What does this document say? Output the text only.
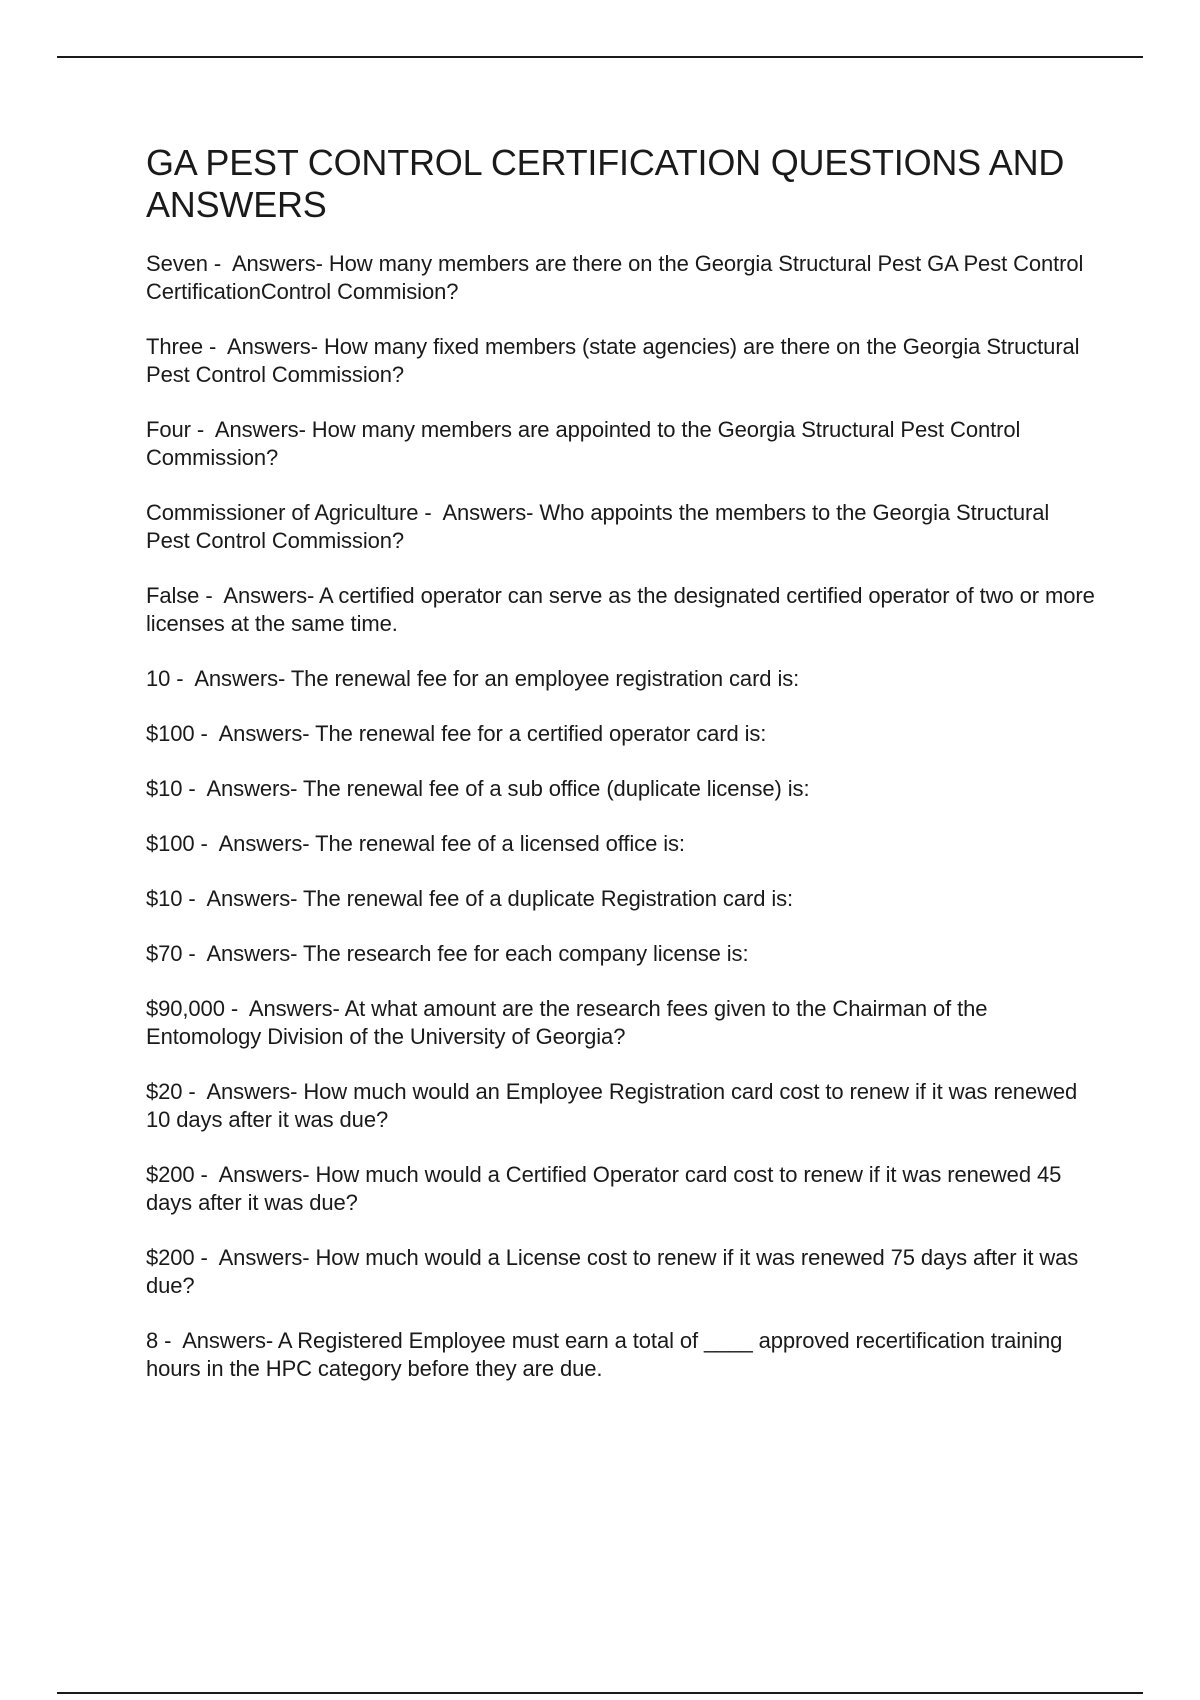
GA PEST CONTROL CERTIFICATION QUESTIONS AND ANSWERS

Seven -  Answers- How many members are there on the Georgia Structural Pest GA Pest Control CertificationControl Commision?

Three -  Answers- How many fixed members (state agencies) are there on the Georgia Structural Pest Control Commission?

Four -  Answers- How many members are appointed to the Georgia Structural Pest Control Commission?

Commissioner of Agriculture -  Answers- Who appoints the members to the Georgia Structural Pest Control Commission?

False -  Answers- A certified operator can serve as the designated certified operator of two or more licenses at the same time.

10 -  Answers- The renewal fee for an employee registration card is:

$100 -  Answers- The renewal fee for a certified operator card is:

$10 -  Answers- The renewal fee of a sub office (duplicate license) is:

$100 -  Answers- The renewal fee of a licensed office is:

$10 -  Answers- The renewal fee of a duplicate Registration card is:

$70 -  Answers- The research fee for each company license is:

$90,000 -  Answers- At what amount are the research fees given to the Chairman of the Entomology Division of the University of Georgia?

$20 -  Answers- How much would an Employee Registration card cost to renew if it was renewed 10 days after it was due?

$200 -  Answers- How much would a Certified Operator card cost to renew if it was renewed 45 days after it was due?

$200 -  Answers- How much would a License cost to renew if it was renewed 75 days after it was due?

8 -  Answers- A Registered Employee must earn a total of ____ approved recertification training hours in the HPC category before they are due.
